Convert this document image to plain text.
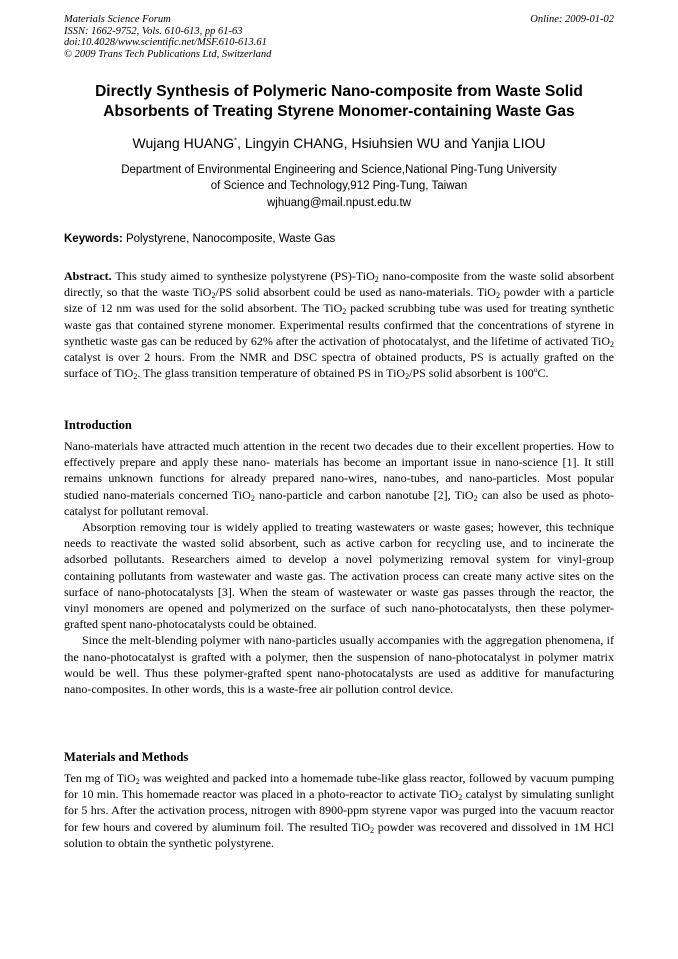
Materials Science Forum
ISSN: 1662-9752, Vols. 610-613, pp 61-63
doi:10.4028/www.scientific.net/MSF.610-613.61
© 2009 Trans Tech Publications Ltd, Switzerland
Online: 2009-01-02
Directly Synthesis of Polymeric Nano-composite from Waste Solid
Absorbents of Treating Styrene Monomer-containing Waste Gas
Wujang HUANG*, Lingyin CHANG, Hsiuhsien WU and Yanjia LIOU
Department of Environmental Engineering and Science,National Ping-Tung University
of Science and Technology,912 Ping-Tung, Taiwan
wjhuang@mail.npust.edu.tw
Keywords: Polystyrene, Nanocomposite, Waste Gas

Abstract. This study aimed to synthesize polystyrene (PS)-TiO$_2$ nano-composite from the waste solid absorbent directly, so that the waste TiO$_2$/PS solid absorbent could be used as nano-materials. TiO$_2$ powder with a particle size of 12 nm was used for the solid absorbent. The TiO$_2$ packed scrubbing tube was used for treating synthetic waste gas that contained styrene monomer. Experimental results confirmed that the concentrations of styrene in synthetic waste gas can be reduced by 62% after the activation of photocatalyst, and the lifetime of activated TiO$_2$ catalyst is over 2 hours. From the NMR and DSC spectra of obtained products, PS is actually grafted on the surface of TiO$_2$. The glass transition temperature of obtained PS in TiO$_2$/PS solid absorbent is 100$^o$C.

Introduction

Nano-materials have attracted much attention in the recent two decades due to their excellent properties. How to effectively prepare and apply these nano- materials has become an important issue in nano-science [1]. It still remains unknown functions for already prepared nano-wires, nano-tubes, and nano-particles. Most popular studied nano-materials concerned TiO$_2$ nano-particle and carbon nanotube [2], TiO$_2$ can also be used as photo-catalyst for pollutant removal.

Absorption removing tour is widely applied to treating wastewaters or waste gases; however, this technique needs to reactivate the wasted solid absorbent, such as active carbon for recycling use, and to incinerate the adsorbed pollutants. Researchers aimed to develop a novel polymerizing removal system for vinyl-group containing pollutants from wastewater and waste gas. The activation process can create many active sites on the surface of nano-photocatalysts [3]. When the steam of wastewater or waste gas passes through the reactor, the vinyl monomers are opened and polymerized on the surface of such nano-photocatalysts, then these polymer-grafted spent nano-photocatalysts could be obtained.

Since the melt-blending polymer with nano-particles usually accompanies with the aggregation phenomena, if the nano-photocatalyst is grafted with a polymer, then the suspension of nano-photocatalyst in polymer matrix would be well. Thus these polymer-grafted spent nano-photocatalysts are used as additive for manufacturing nano-composites. In other words, this is a waste-free air pollution control device.

Materials and Methods

Ten mg of TiO$_2$ was weighted and packed into a homemade tube-like glass reactor, followed by vacuum pumping for 10 min. This homemade reactor was placed in a photo-reactor to activate TiO$_2$ catalyst by simulating sunlight for 5 hrs. After the activation process, nitrogen with 8900-ppm styrene vapor was purged into the vacuum reactor for few hours and covered by aluminum foil. The resulted TiO$_2$ powder was recovered and dissolved in 1M HCl solution to obtain the synthetic polystyrene.
